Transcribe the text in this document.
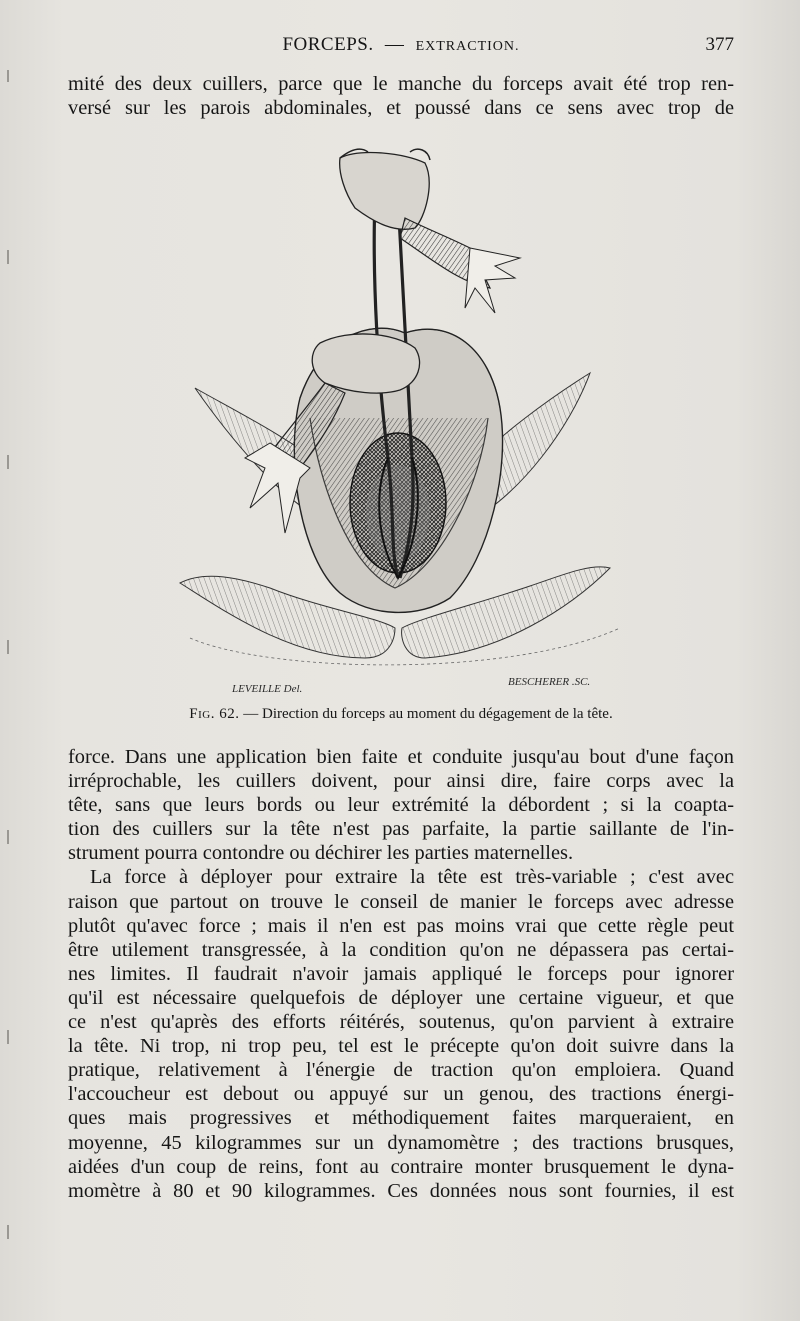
FORCEPS. — EXTRACTION.	377
mité des deux cuillers, parce que le manche du forceps avait été trop ren-
versé sur les parois abdominales, et poussé dans ce sens avec trop de
LEVEILLE Del.
BESCHERER .SC.
Fig. 62. — Direction du forceps au moment du dégagement de la tête.
force. Dans une application bien faite et conduite jusqu'au bout d'une façon
irréprochable, les cuillers doivent, pour ainsi dire, faire corps avec la
tête, sans que leurs bords ou leur extrémité la débordent ; si la coapta-
tion des cuillers sur la tête n'est pas parfaite, la partie saillante de l'in-
strument pourra contondre ou déchirer les parties maternelles.
La force à déployer pour extraire la tête est très-variable ; c'est avec
raison que partout on trouve le conseil de manier le forceps avec adresse
plutôt qu'avec force ; mais il n'en est pas moins vrai que cette règle peut
être utilement transgressée, à la condition qu'on ne dépassera pas certai-
nes limites. Il faudrait n'avoir jamais appliqué le forceps pour ignorer
qu'il est nécessaire quelquefois de déployer une certaine vigueur, et que
ce n'est qu'après des efforts réitérés, soutenus, qu'on parvient à extraire
la tête. Ni trop, ni trop peu, tel est le précepte qu'on doit suivre dans la
pratique, relativement à l'énergie de traction qu'on emploiera. Quand
l'accoucheur est debout ou appuyé sur un genou, des tractions énergi-
ques mais progressives et méthodiquement faites marqueraient, en
moyenne, 45 kilogrammes sur un dynamomètre ; des tractions brusques,
aidées d'un coup de reins, font au contraire monter brusquement le dyna-
momètre à 80 et 90 kilogrammes. Ces données nous sont fournies, il est
